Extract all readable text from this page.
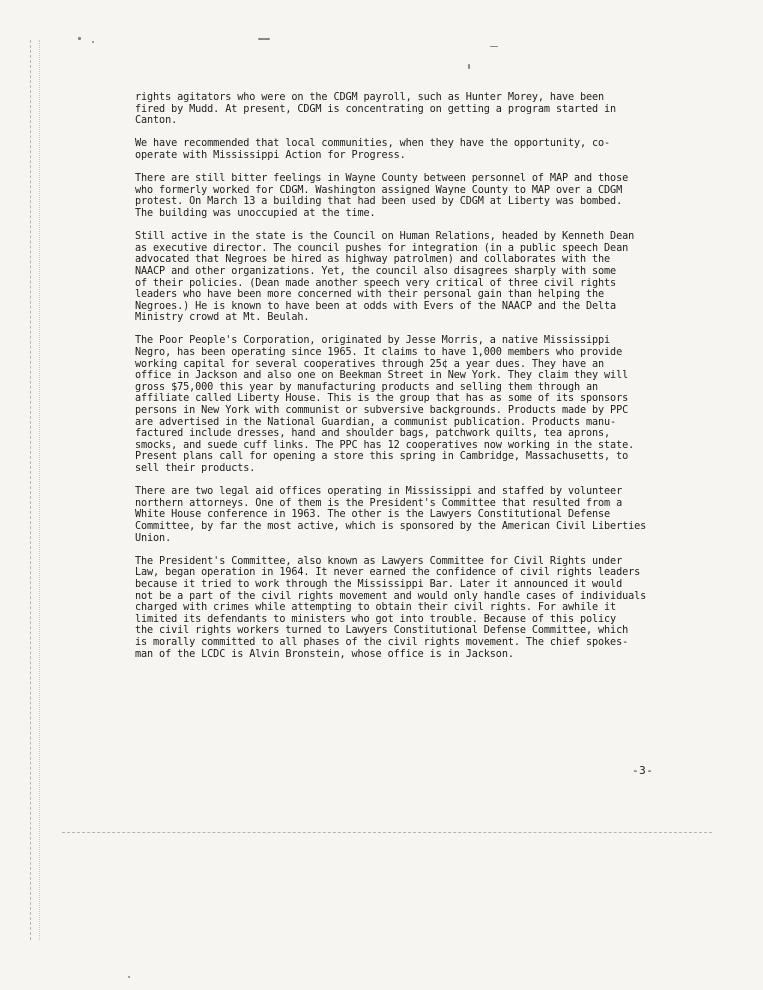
rights agitators who were on the CDGM payroll, such as Hunter Morey, have been
fired by Mudd. At present, CDGM is concentrating on getting a program started in
Canton.

We have recommended that local communities, when they have the opportunity, co-
operate with Mississippi Action for Progress.

There are still bitter feelings in Wayne County between personnel of MAP and those
who formerly worked for CDGM. Washington assigned Wayne County to MAP over a CDGM
protest. On March 13 a building that had been used by CDGM at Liberty was bombed.
The building was unoccupied at the time.

Still active in the state is the Council on Human Relations, headed by Kenneth Dean
as executive director. The council pushes for integration (in a public speech Dean
advocated that Negroes be hired as highway patrolmen) and collaborates with the
NAACP and other organizations. Yet, the council also disagrees sharply with some
of their policies. (Dean made another speech very critical of three civil rights
leaders who have been more concerned with their personal gain than helping the
Negroes.) He is known to have been at odds with Evers of the NAACP and the Delta
Ministry crowd at Mt. Beulah.

The Poor People's Corporation, originated by Jesse Morris, a native Mississippi
Negro, has been operating since 1965. It claims to have 1,000 members who provide
working capital for several cooperatives through 25¢ a year dues. They have an
office in Jackson and also one on Beekman Street in New York. They claim they will
gross $75,000 this year by manufacturing products and selling them through an
affiliate called Liberty House. This is the group that has as some of its sponsors
persons in New York with communist or subversive backgrounds. Products made by PPC
are advertised in the National Guardian, a communist publication. Products manu-
factured include dresses, hand and shoulder bags, patchwork quilts, tea aprons,
smocks, and suede cuff links. The PPC has 12 cooperatives now working in the state.
Present plans call for opening a store this spring in Cambridge, Massachusetts, to
sell their products.

There are two legal aid offices operating in Mississippi and staffed by volunteer
northern attorneys. One of them is the President's Committee that resulted from a
White House conference in 1963. The other is the Lawyers Constitutional Defense
Committee, by far the most active, which is sponsored by the American Civil Liberties
Union.

The President's Committee, also known as Lawyers Committee for Civil Rights under
Law, began operation in 1964. It never earned the confidence of civil rights leaders
because it tried to work through the Mississippi Bar. Later it announced it would
not be a part of the civil rights movement and would only handle cases of individuals
charged with crimes while attempting to obtain their civil rights. For awhile it
limited its defendants to ministers who got into trouble. Because of this policy
the civil rights workers turned to Lawyers Constitutional Defense Committee, which
is morally committed to all phases of the civil rights movement. The chief spokes-
man of the LCDC is Alvin Bronstein, whose office is in Jackson.

-3-
